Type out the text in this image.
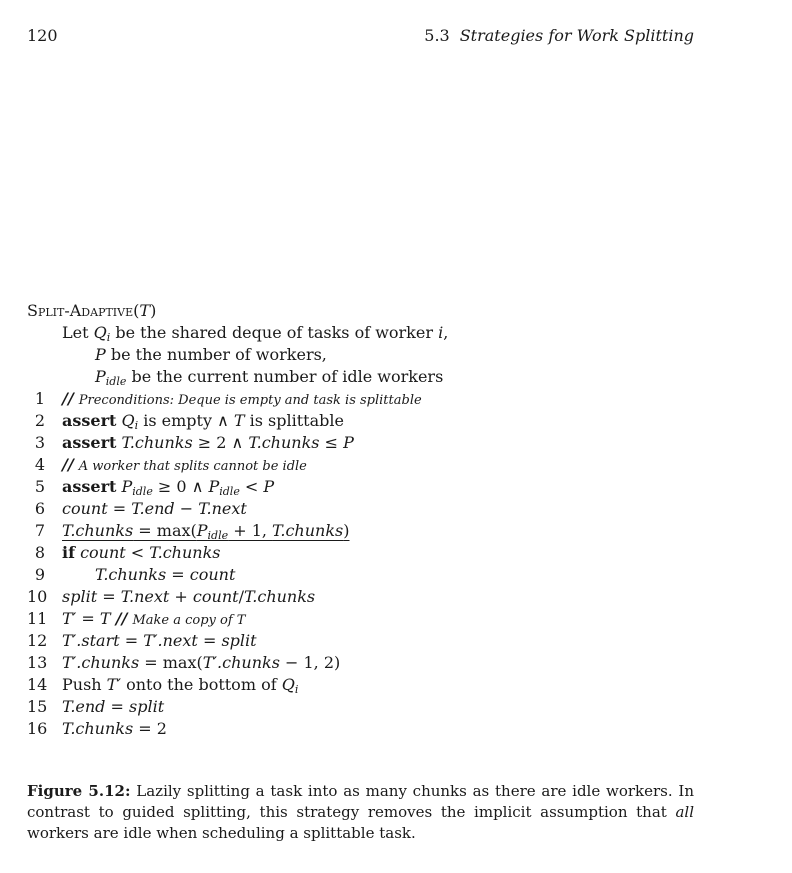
120	5.3 Strategies for Work Splitting
Split-Adaptive(T)
Let $Q_i$ be the shared deque of tasks of worker i,
P be the number of workers,
$P_{idle}$ be the current number of idle workers
1 // Preconditions: Deque is empty and task is splittable
2 assert $Q_i$ is empty ∧ T is splittable
3 assert T.chunks ≥ 2 ∧ T.chunks ≤ P
4 // A worker that splits cannot be idle
5 assert $P_{idle} \ge 0$ ∧ $P_{idle} < P$
6 count = T.end − T.next
7 T.chunks = $\max(P_{idle} + 1$, T.chunks)
8 if count < T.chunks
9	T.chunks = count
10 split = T.next + count/T.chunks
11 T′ = T // Make a copy of T
12 T′.start = T′.next = split
13 T′.chunks = max(T′.chunks − 1, 2)
14 Push T′ onto the bottom of $Q_i$
15 T.end = split
16 T.chunks = 2
Figure 5.12: Lazily splitting a task into as many chunks as there are idle workers. In contrast to guided splitting, this strategy removes the implicit assumption that all workers are idle when scheduling a splittable task.
